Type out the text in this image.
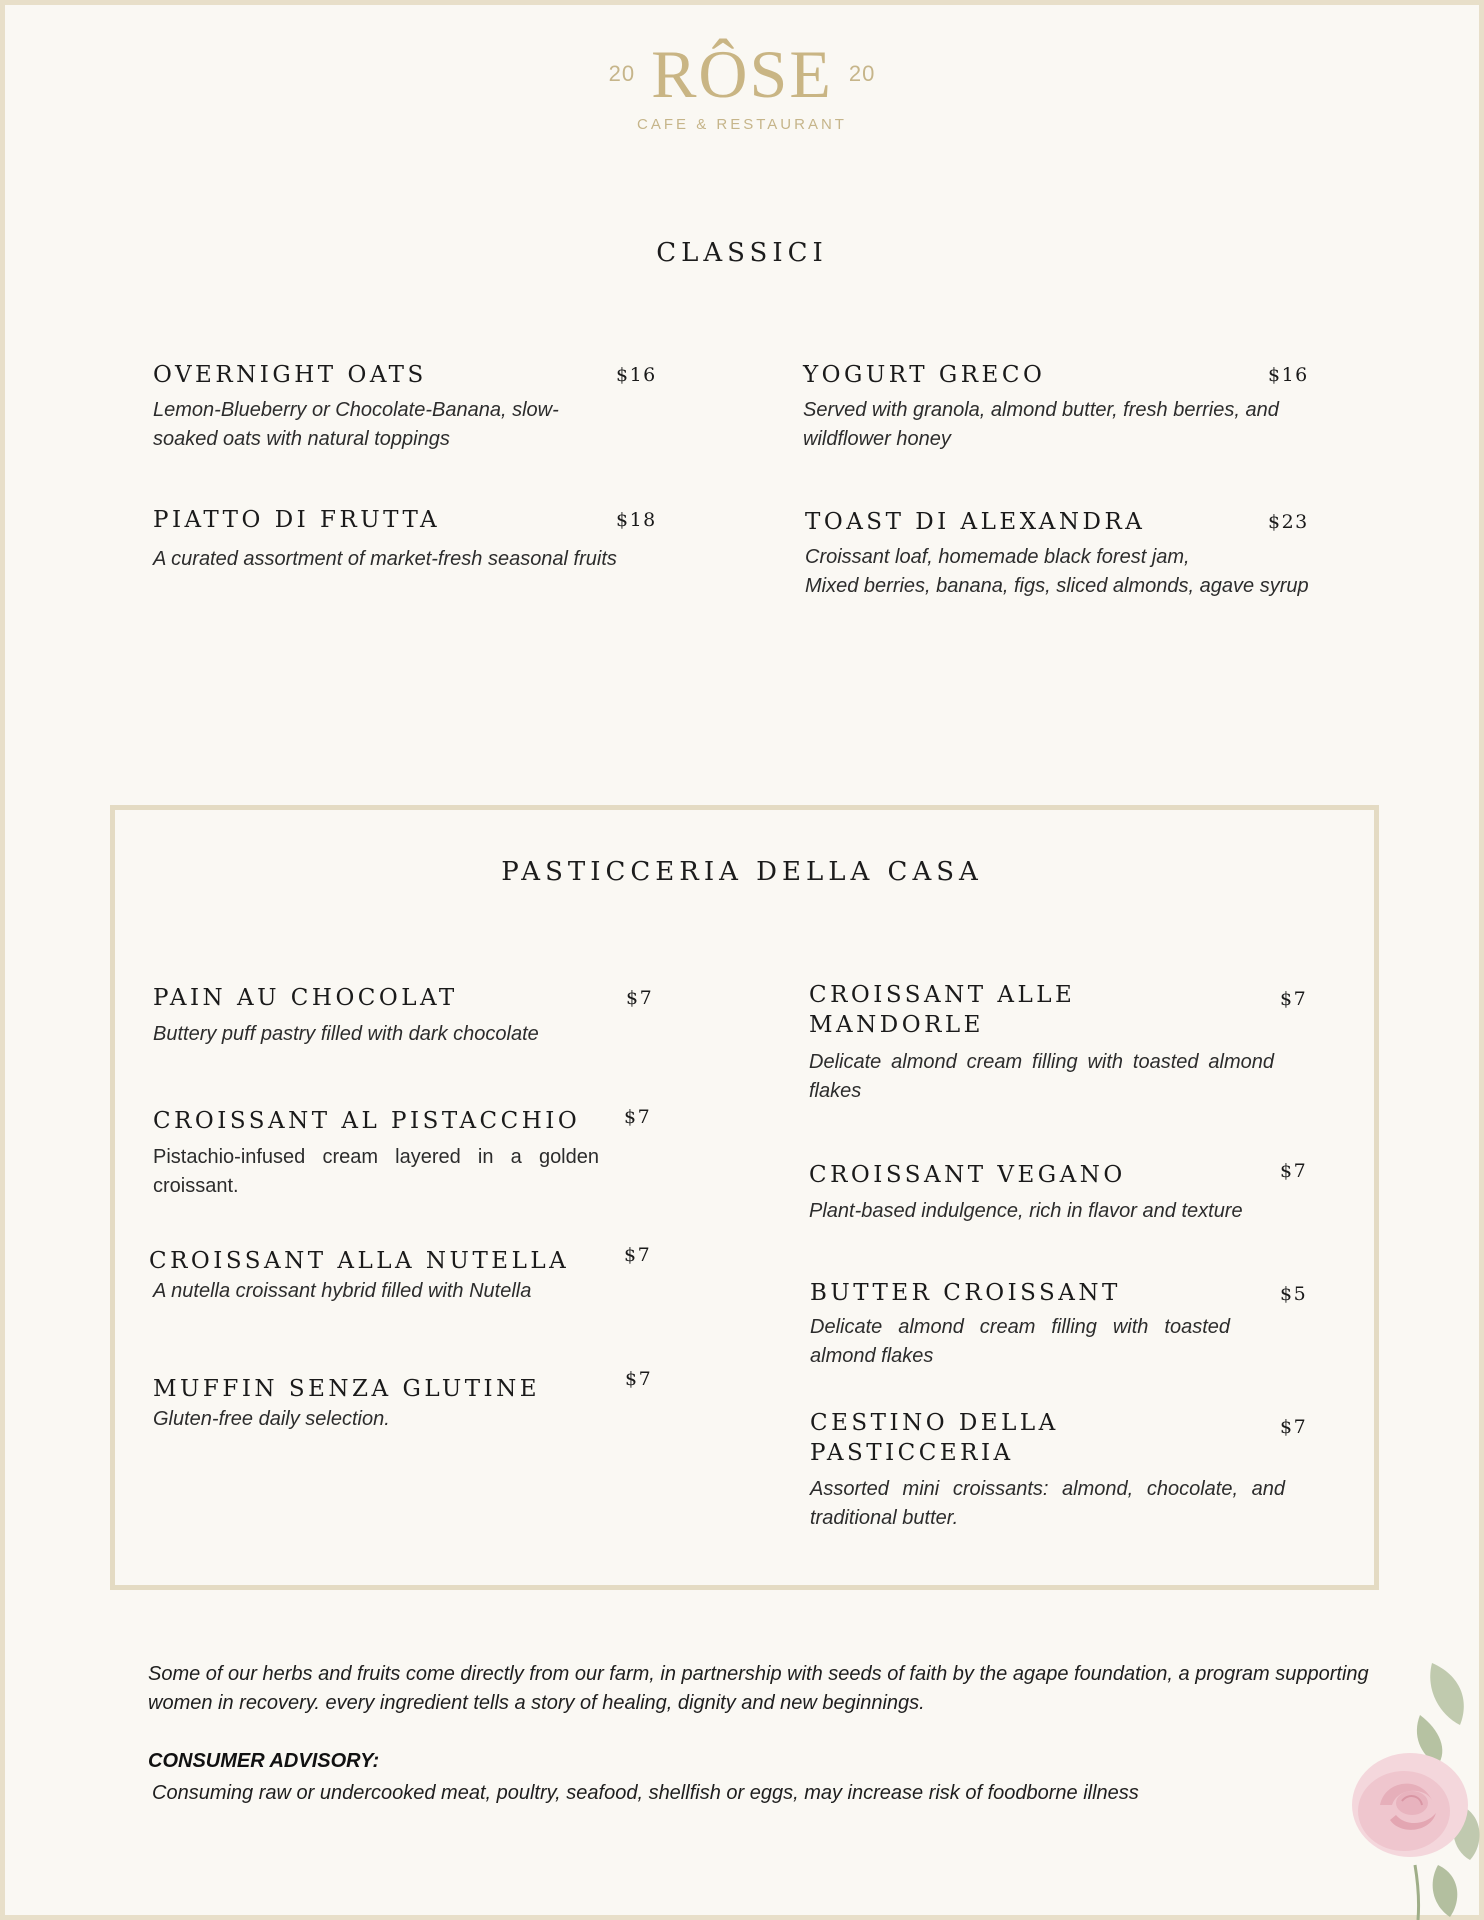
20 RÔSE 20
CAFE & RESTAURANT
CLASSICI
OVERNIGHT OATS	$16
Lemon-Blueberry or Chocolate-Banana, slow-soaked oats with natural toppings
YOGURT GRECO	$16
Served with granola, almond butter, fresh berries, and wildflower honey
PIATTO DI FRUTTA	$18
A curated assortment of market-fresh seasonal fruits
TOAST DI ALEXANDRA	$23
Croissant loaf, homemade black forest jam,
Mixed berries, banana, figs, sliced almonds, agave syrup
PASTICCERIA DELLA CASA
PAIN AU CHOCOLAT	$7
Buttery puff pastry filled with dark chocolate
CROISSANT AL PISTACCHIO $7
Pistachio-infused cream layered in a golden croissant.
CROISSANT ALLA NUTELLA	$7
A nutella croissant hybrid filled with Nutella
MUFFIN SENZA GLUTINE	$7
Gluten-free daily selection.
CROISSANT ALLE
MANDORLE
$7
Delicate almond cream filling with toasted almond flakes
CROISSANT VEGANO	$7
Plant-based indulgence, rich in flavor and texture
BUTTER CROISSANT	$5
Delicate almond cream filling with toasted almond flakes
CESTINO DELLA
PASTICCERIA
$7
Assorted mini croissants: almond, chocolate, and traditional butter.
Some of our herbs and fruits come directly from our farm, in partnership with seeds of faith by the agape foundation, a program supporting women in recovery. every ingredient tells a story of healing, dignity and new beginnings.
CONSUMER ADVISORY:
Consuming raw or undercooked meat, poultry, seafood, shellfish or eggs, may increase risk of foodborne illness
